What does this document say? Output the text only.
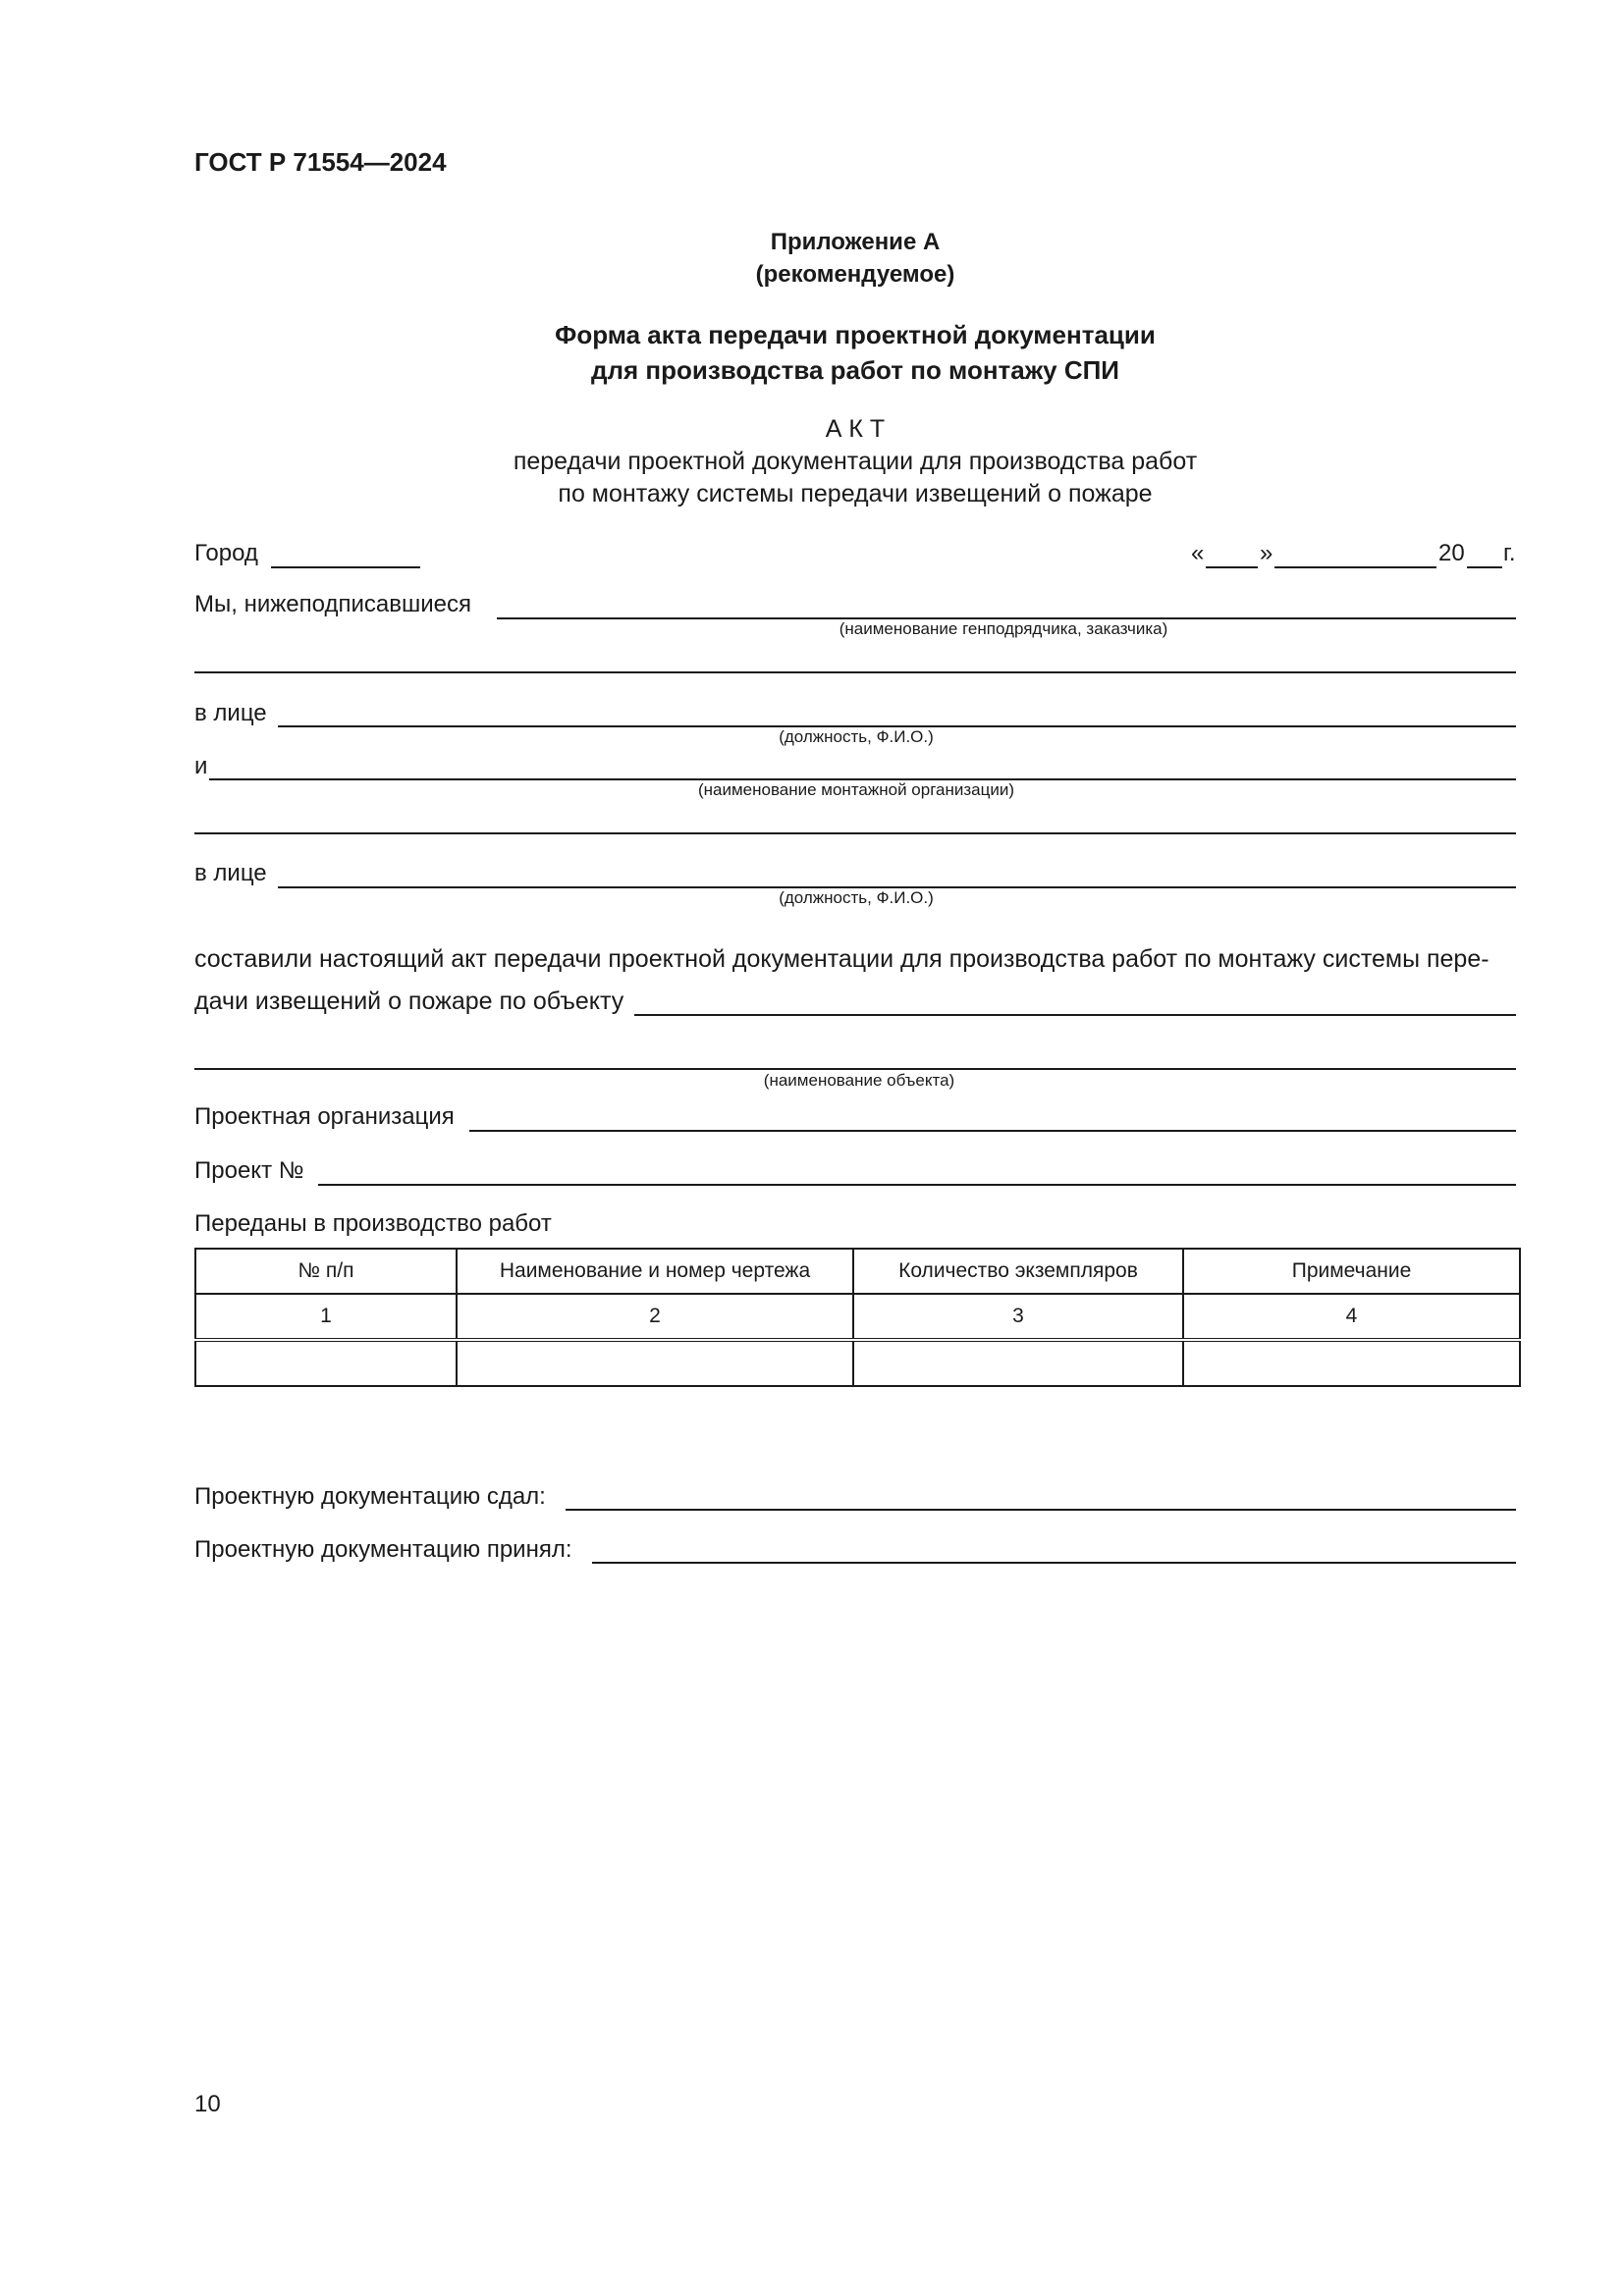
ГОСТ Р 71554—2024
Приложение А
(рекомендуемое)
Форма акта передачи проектной документации
для производства работ по монтажу СПИ
А К Т
передачи проектной документации для производства работ
по монтажу системы передачи извещений о пожаре
Город	« »	20 г.
Мы, нижеподписавшиеся
(наименование генподрядчика, заказчика)
в лице
(должность, Ф.И.О.)
и
(наименование монтажной организации)
в лице
(должность, Ф.И.О.)
составили настоящий акт передачи проектной документации для производства работ по монтажу системы пере-
дачи извещений о пожаре по объекту
(наименование объекта)
Проектная организация
Проект №
Переданы в производство работ
№ п/п	Наименование и номер чертежа	Количество экземпляров	Примечание
1	2	3	4

Проектную документацию сдал:
Проектную документацию принял:
10
